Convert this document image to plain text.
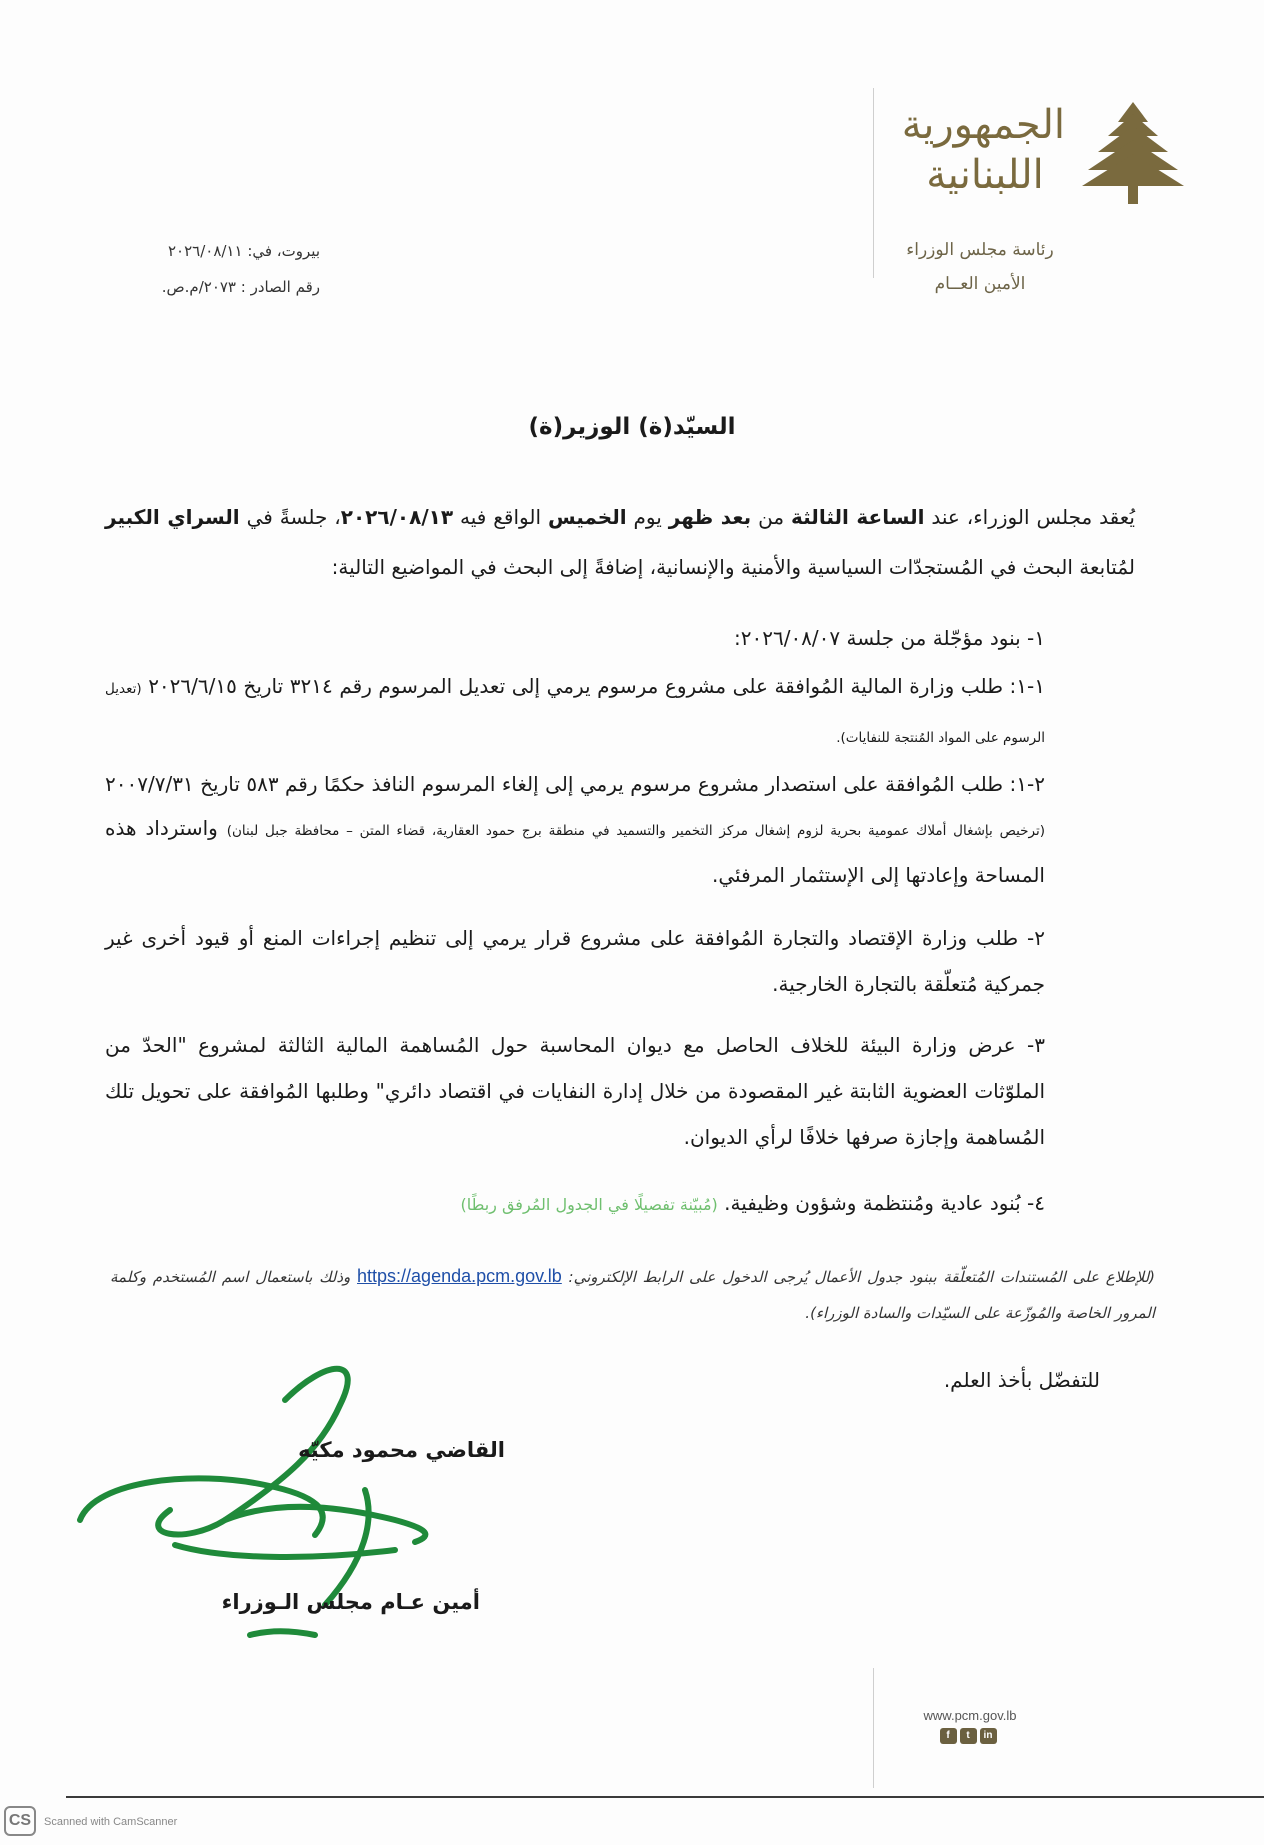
الجمهورية
اللبنانية
رئاسة مجلس الوزراء
الأمين العــام
بيروت، في: ٢٠٢٦/٠٨/١١
رقم الصادر : ٢٠٧٣/م.ص.
السيّد(ة) الوزير(ة)
يُعقد مجلس الوزراء، عند الساعة الثالثة من بعد ظهر يوم الخميس الواقع فيه ٢٠٢٦/٠٨/١٣، جلسةً في السراي الكبير لمُتابعة البحث في المُستجدّات السياسية والأمنية والإنسانية، إضافةً إلى البحث في المواضيع التالية:
١- بنود مؤجّلة من جلسة ٢٠٢٦/٠٨/٠٧:
١-١: طلب وزارة المالية المُوافقة على مشروع مرسوم يرمي إلى تعديل المرسوم رقم ٣٢١٤ تاريخ ٢٠٢٦/٦/١٥ (تعديل الرسوم على المواد المُنتجة للنفايات).
٢-١: طلب المُوافقة على استصدار مشروع مرسوم يرمي إلى إلغاء المرسوم النافذ حكمًا رقم ٥٨٣ تاريخ ٢٠٠٧/٧/٣١ (ترخيص بإشغال أملاك عمومية بحرية لزوم إشغال مركز التخمير والتسميد في منطقة برج حمود العقارية، قضاء المتن – محافظة جبل لبنان) واسترداد هذه المساحة وإعادتها إلى الإستثمار المرفئي.
٢- طلب وزارة الإقتصاد والتجارة المُوافقة على مشروع قرار يرمي إلى تنظيم إجراءات المنع أو قيود أخرى غير جمركية مُتعلّقة بالتجارة الخارجية.
٣- عرض وزارة البيئة للخلاف الحاصل مع ديوان المحاسبة حول المُساهمة المالية الثالثة لمشروع "الحدّ من الملوّثات العضوية الثابتة غير المقصودة من خلال إدارة النفايات في اقتصاد دائري" وطلبها المُوافقة على تحويل تلك المُساهمة وإجازة صرفها خلافًا لرأي الديوان.
٤- بُنود عادية ومُنتظمة وشؤون وظيفية. (مُبيّنة تفصيلًا في الجدول المُرفق ربطًا)
(للإطلاع على المُستندات المُتعلّقة ببنود جدول الأعمال يُرجى الدخول على الرابط الإلكتروني: https://agenda.pcm.gov.lb وذلك باستعمال اسم المُستخدم وكلمة المرور الخاصة والمُوزّعة على السيّدات والسادة الوزراء).
للتفضّل بأخذ العلم.
القاضي محمود مكيّه
أمين عـام مجلس الـوزراء
www.pcm.gov.lb
f	t	in
CS	Scanned with CamScanner
